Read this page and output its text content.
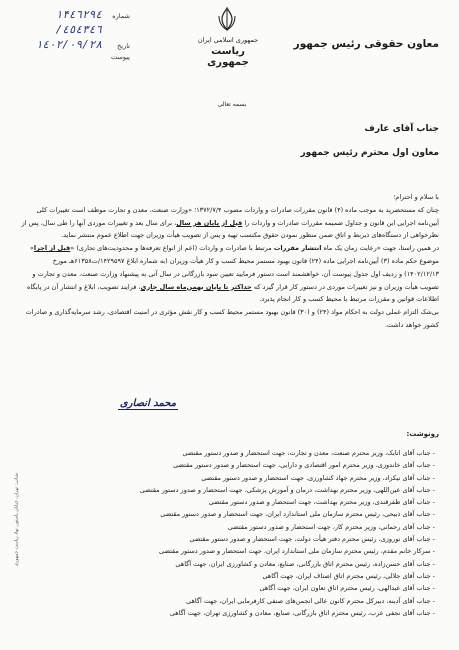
معاون حقوقی رئیس جمهور
جمهوری اسلامی ایران
ریاست جمهوری
شماره
١۴٤٦٢٩٤
٤٥٤٣٤٦/
تاریخ
١٤٠٢/٠٩/٢٨
پیوست
بسمه تعالی
جناب آقای عارف
معاون اول محترم رئیس جمهور

با سلام و احترام؛

چنان که مستحضرید به موجب ماده (۴) قانون مقررات صادرات و واردات مصوب ۱۳۷۲/۷/۴؛ «وزارت صنعت، معدن و تجارت موظف است تغییرات کلی آیین‌نامه اجرایی این قانون و جداول ضمیمه مقررات صادرات و واردات را قبل از پایان هر سال، برای سال بعد و تغییرات موردی آنها را طی سال، پس از نظرخواهی از دستگاه‌های ذیربط و اتاق ضمن منظور نمودن حقوق مکتسب تهیه و پس از تصویب هیأت وزیران جهت اطلاع عموم منتشر نماید.

در همین راستا، جهت «رعایت زمان یک ماه انتشار مقررات مرتبط با صادرات و واردات (اعم از انواع تعرفه‌ها و محدودیت‌های تجاری) «قبل از اجرا» موضوع حکم ماده (۳) آیین‌نامه اجرایی ماده (۲۴) قانون بهبود مستمر محیط کسب و کار هیأت وزیران (به شماره ابلاغ ۱۴۲۹۵۹۷/ت۶۱۳۵۸هـ مورخ ۱۴۰۲/۱۲/۱۳) و ردیف اول جدول پیوست آن، خواهشمند است دستور فرمایید تعیین سود بازرگانی در سال آتی به پیشنهاد وزارت صنعت، معدن و تجارت و تصویب هیأت وزیران و نیز تغییرات موردی در دستور کار قرار گیرد که حداکثر تا پایان بهمن‌ماه سال جاری، فرایند تصویب، ابلاغ و انتشار آن در پایگاه اطلاعات قوانین و مقررات مرتبط با محیط کسب و کار انجام پذیرد.

بی‌شک التزام عملی دولت به احکام مواد (۲۴) و (۳۰) قانون بهبود مستمر محیط کسب و کار نقش مؤثری در امنیت اقتصادی، رشد سرمایه‌گذاری و صادرات کشور خواهد داشت.

محمد انصاری
رونوشت:
- جناب آقای اتابک، وزیر محترم صنعت، معدن و تجارت، جهت استحضار و صدور دستور مقتضی
- جناب آقای خاندوزی، وزیر محترم امور اقتصادی و دارایی، جهت استحضار و صدور دستور مقتضی
- جناب آقای نیکزاد، وزیر محترم جهاد کشاورزی، جهت استحضار و صدور دستور مقتضی
- جناب آقای عین‌اللهی، وزیر محترم بهداشت، درمان و آموزش پزشکی، جهت استحضار و صدور دستور مقتضی
- جناب آقای ظفرقندی، وزیر محترم بهداشت، جهت استحضار و صدور دستور مقتضی
- جناب آقای ذبیحی، رئیس محترم سازمان ملی استاندارد ایران، جهت استحضار و صدور دستور مقتضی
- جناب آقای رحمانی، وزیر محترم کار، جهت استحضار و صدور دستور مقتضی
- جناب آقای نوروزی، رئیس محترم دفتر هیأت دولت، جهت استحضار و صدور دستور مقتضی
- سرکار خانم مقدم، رئیس محترم سازمان ملی استاندارد ایران، جهت استحضار و صدور دستور مقتضی
- جناب آقای حسن‌زاده، رئیس محترم اتاق بازرگانی، صنایع، معادن و کشاورزی ایران، جهت آگاهی
- جناب آقای جلالی، رئیس محترم اتاق اصناف ایران، جهت آگاهی
- جناب آقای عبدالهی، رئیس محترم اتاق تعاون ایران، جهت آگاهی
- جناب آقای آدینه، دبیرکل محترم کانون عالی انجمن‌های صنفی کارفرمایی ایران، جهت آگاهی
- جناب آقای نجفی عرب، رئیس محترم اتاق بازرگانی، صنایع، معادن و کشاورزی تهران، جهت آگاهی
نشانی: تهران، خیابان پاستور، نهاد ریاست جمهوری
